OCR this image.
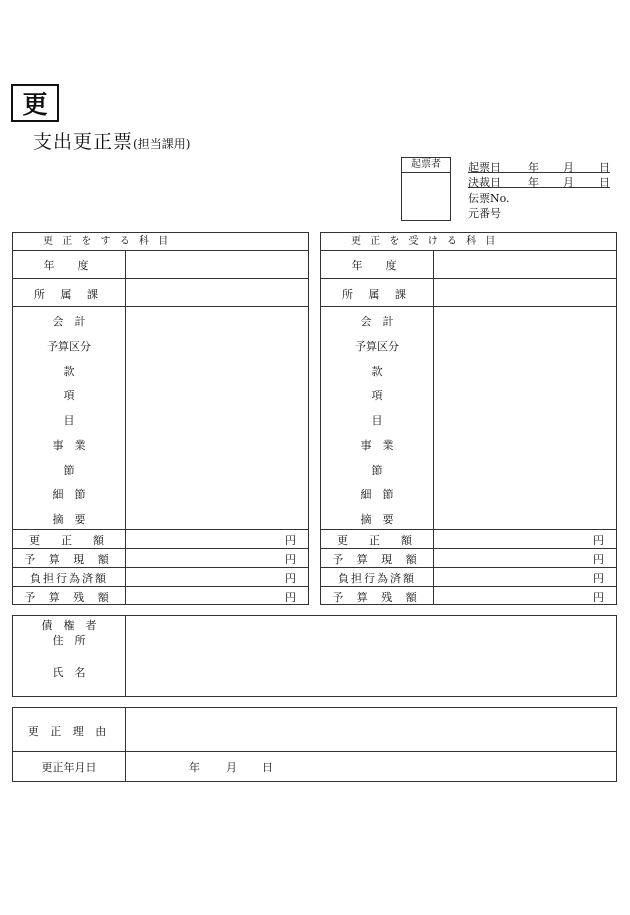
更
支出更正票(担当課用)
起票者	起票日 年 月 日
決裁日 年 月 日
伝票No.
元番号
更 正 を す る 科 目
年　度
所 属 課
会　計
予算区分
款
項
目
事　業
節
細　節
摘　要
更　正　額	円
予 算 現 額	円
負担行為済額	円
予 算 残 額	円
更 正 を 受 け る 科 目
年　度
所 属 課
会　計
予算区分
款
項
目
事　業
節
細　節
摘　要
更　正　額	円
予 算 現 額	円
負担行為済額	円
予 算 残 額	円
債　権　者
住　所
氏　名
更 正 理 由
更正年月日	年 月 日
